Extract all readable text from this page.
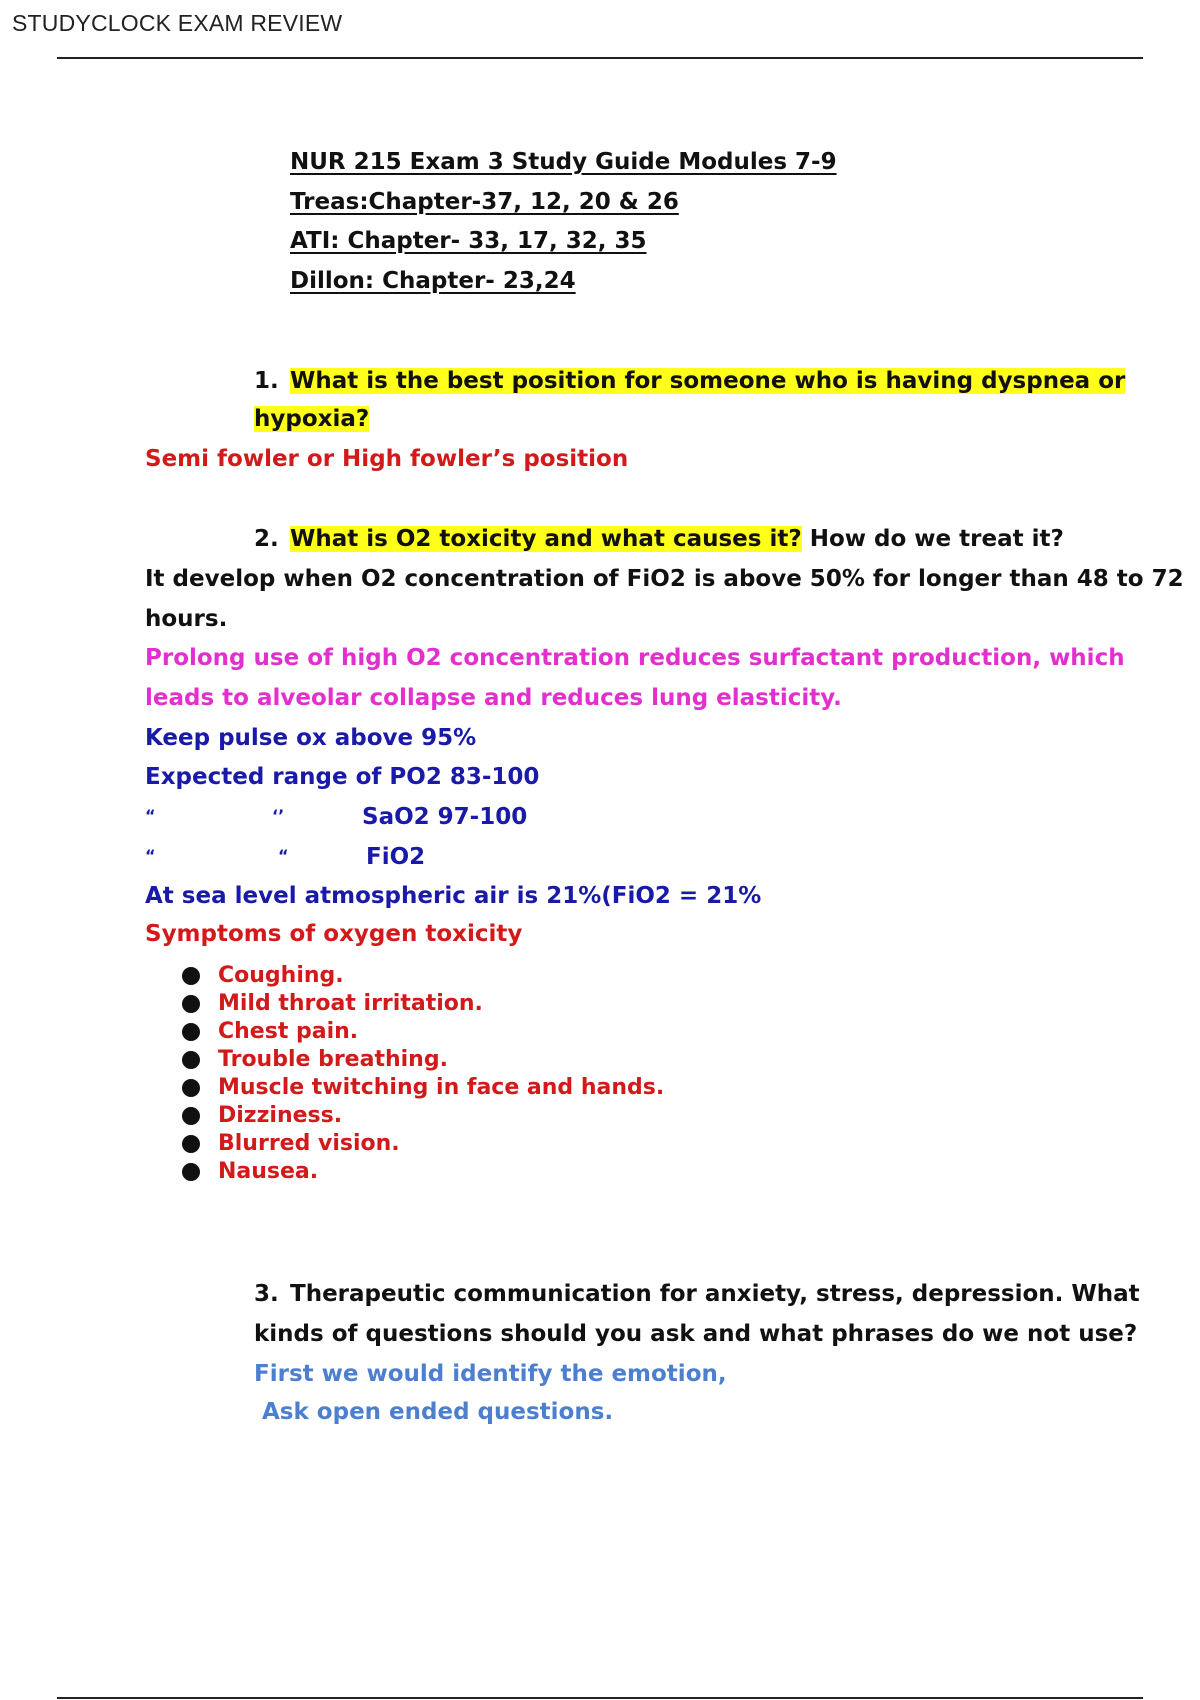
STUDYCLOCK EXAM REVIEW
NUR 215 Exam 3 Study Guide Modules 7-9
Treas:Chapter-37, 12, 20 & 26
ATI: Chapter- 33, 17, 32, 35
Dillon: Chapter- 23,24
1. What is the best position for someone who is having dyspnea or
hypoxia?
Semi fowler or High fowler’s position
2. What is O2 toxicity and what causes it? How do we treat it?
It develop when O2 concentration of FiO2 is above 50% for longer than 48 to 72
hours.
Prolong use of high O2 concentration reduces surfactant production, which
leads to alveolar collapse and reduces lung elasticity.
Keep pulse ox above 95%
Expected range of PO2 83-100
“	‘’	SaO2 97-100
“	“	FiO2
At sea level atmospheric air is 21%(FiO2 = 21%
Symptoms of oxygen toxicity
Coughing.
Mild throat irritation.
Chest pain.
Trouble breathing.
Muscle twitching in face and hands.
Dizziness.
Blurred vision.
Nausea.
3. Therapeutic communication for anxiety, stress, depression. What
kinds of questions should you ask and what phrases do we not use?
First we would identify the emotion,
Ask open ended questions.
